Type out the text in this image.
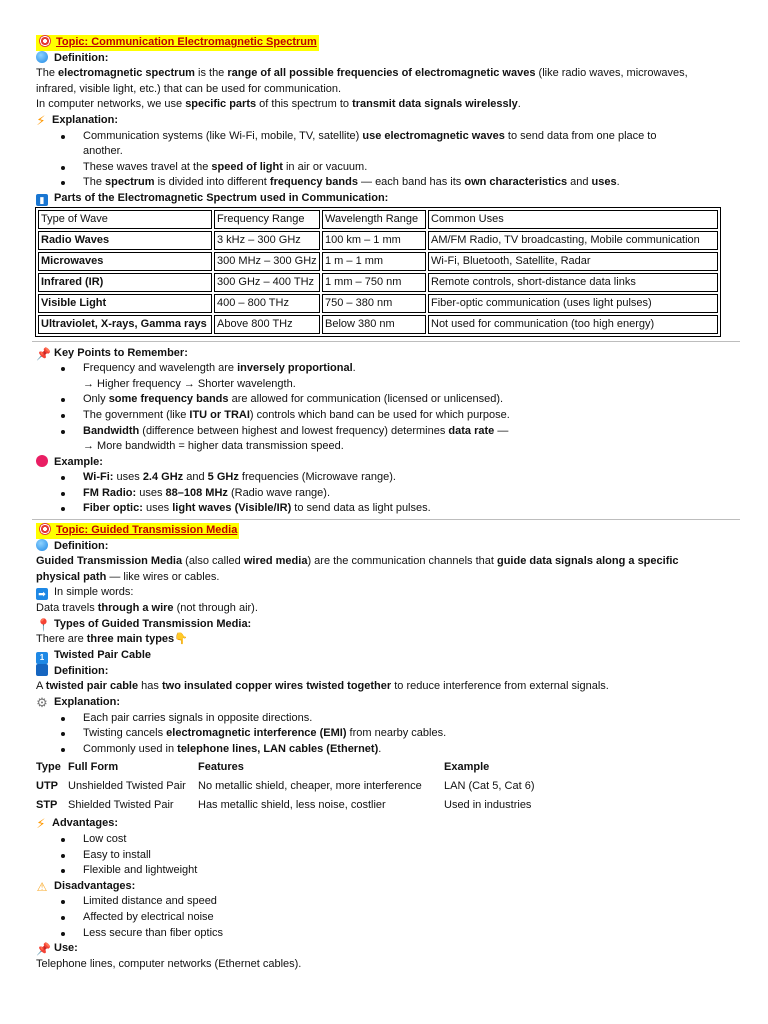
Topic: Communication Electromagnetic Spectrum
Definition:
The electromagnetic spectrum is the range of all possible frequencies of electromagnetic waves (like radio waves, microwaves,
infrared, visible light, etc.) that can be used for communication.
In computer networks, we use specific parts of this spectrum to transmit data signals wirelessly.
⚡ Explanation:
Communication systems (like Wi-Fi, mobile, TV, satellite) use electromagnetic waves to send data from one place to
another.
These waves travel at the speed of light in air or vacuum.
The spectrum is divided into different frequency bands — each band has its own characteristics and uses.
▮ Parts of the Electromagnetic Spectrum used in Communication:
Type of Wave	Frequency Range	Wavelength Range	Common Uses
Radio Waves	3 kHz – 300 GHz	100 km – 1 mm	AM/FM Radio, TV broadcasting, Mobile communication
Microwaves	300 MHz – 300 GHz	1 m – 1 mm	Wi-Fi, Bluetooth, Satellite, Radar
Infrared (IR)	300 GHz – 400 THz	1 mm – 750 nm	Remote controls, short-distance data links
Visible Light	400 – 800 THz	750 – 380 nm	Fiber-optic communication (uses light pulses)
Ultraviolet, X-rays, Gamma rays	Above 800 THz	Below 380 nm	Not used for communication (too high energy)
📌 Key Points to Remember:
Frequency and wavelength are inversely proportional.
→ Higher frequency → Shorter wavelength.
Only some frequency bands are allowed for communication (licensed or unlicensed).
The government (like ITU or TRAI) controls which band can be used for which purpose.
Bandwidth (difference between highest and lowest frequency) determines data rate —
→ More bandwidth = higher data transmission speed.
Example:
Wi-Fi: uses 2.4 GHz and 5 GHz frequencies (Microwave range).
FM Radio: uses 88–108 MHz (Radio wave range).
Fiber optic: uses light waves (Visible/IR) to send data as light pulses.
Topic: Guided Transmission Media
Definition:
Guided Transmission Media (also called wired media) are the communication channels that guide data signals along a specific
physical path — like wires or cables.
➡ In simple words:
Data travels through a wire (not through air).
📍 Types of Guided Transmission Media:
There are three main types👇
1 Twisted Pair Cable
Definition:
A twisted pair cable has two insulated copper wires twisted together to reduce interference from external signals.
⚙ Explanation:
Each pair carries signals in opposite directions.
Twisting cancels electromagnetic interference (EMI) from nearby cables.
Commonly used in telephone lines, LAN cables (Ethernet).
Type	Full Form	Features	Example
UTP	Unshielded Twisted Pair	No metallic shield, cheaper, more interference	LAN (Cat 5, Cat 6)
STP	Shielded Twisted Pair	Has metallic shield, less noise, costlier	Used in industries
⚡ Advantages:
Low cost
Easy to install
Flexible and lightweight
⚠ Disadvantages:
Limited distance and speed
Affected by electrical noise
Less secure than fiber optics
📌 Use:
Telephone lines, computer networks (Ethernet cables).
